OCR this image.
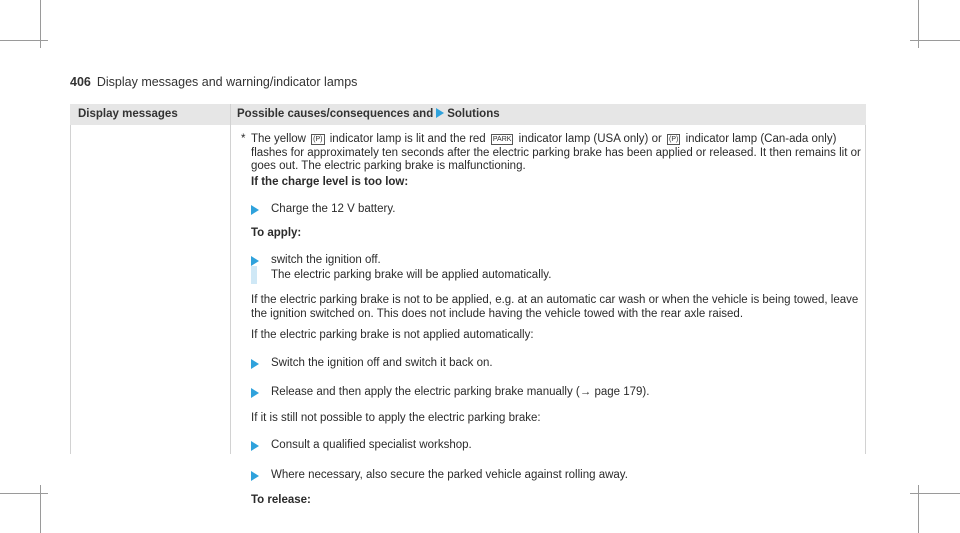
406 Display messages and warning/indicator lamps
Display messages	Possible causes/consequences and Solutions

* The yellow (P) indicator lamp is lit and the red PARK indicator lamp (USA only) or (P) indicator lamp (Can-ada only) flashes for approximately ten seconds after the electric parking brake has been applied or released. It then remains lit or goes out. The electric parking brake is malfunctioning.

If the charge level is too low:

Charge the 12 V battery.

To apply:

switch the ignition off.
The electric parking brake will be applied automatically.

If the electric parking brake is not to be applied, e.g. at an automatic car wash or when the vehicle is being towed, leave the ignition switched on. This does not include having the vehicle towed with the rear axle raised.

If the electric parking brake is not applied automatically:

Switch the ignition off and switch it back on.
Release and then apply the electric parking brake manually (→ page 179).

If it is still not possible to apply the electric parking brake:

Consult a qualified specialist workshop.
Where necessary, also secure the parked vehicle against rolling away.

To release:
